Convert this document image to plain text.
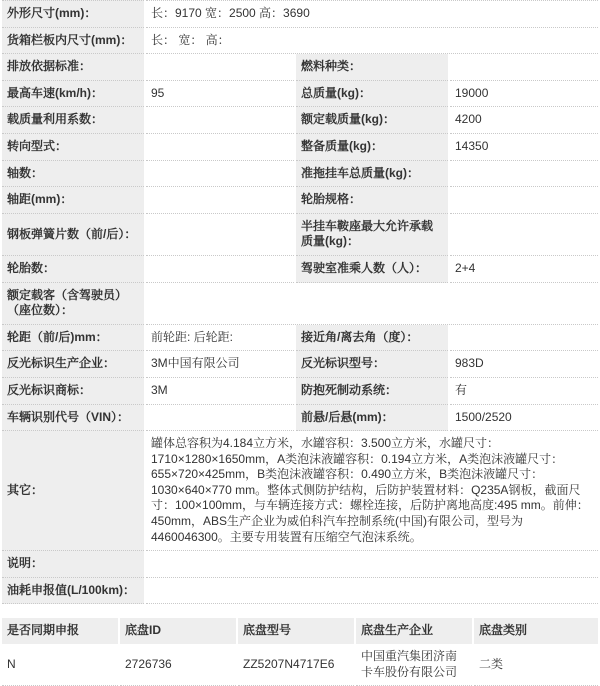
外形尺寸(mm)：	长：9170 宽：2500 高：3690		
货箱栏板内尺寸(mm)：	长： 宽： 高：		
排放依据标准：		燃料种类：	
最高车速(km/h)：	95	总质量(kg)：	19000
载质量利用系数：		额定载质量(kg)：	4200
转向型式：		整备质量(kg)：	14350
轴数：		准拖挂车总质量(kg)：	
轴距(mm)：		轮胎规格：	
钢板弹簧片数（前/后）：		半挂车鞍座最大允许承载质量(kg)：	
轮胎数：		驾驶室准乘人数（人）：	2+4
额定载客（含驾驶员）（座位数）：			
轮距（前/后)mm：	前轮距: 后轮距:	接近角/离去角（度）：	
反光标识生产企业：	3M中国有限公司	反光标识型号：	983D
反光标识商标：	3M	防抱死制动系统：	有
车辆识别代号（VIN）：		前悬/后悬(mm)：	1500/2520
其它：	罐体总容积为4.184立方米，水罐容积：3.500立方米，水罐尺寸：1710×1280×1650mm，A类泡沫液罐容积：0.194立方米，A类泡沫液罐尺寸：655×720×425mm，B类泡沫液罐容积：0.490立方米，B类泡沫液罐尺寸：1030×640×770 mm。整体式侧防护结构，后防护装置材料：Q235A钢板，截面尺寸：100×100mm，与车辆连接方式：螺栓连接，后防护离地高度:495 mm。前伸：450mm，ABS生产企业为威伯科汽车控制系统(中国)有限公司，型号为4460046300。主要专用装置有压缩空气泡沫系统。		
说明：			
油耗申报值(L/100km)：			
是否同期申报	底盘ID	底盘型号	底盘生产企业	底盘类别
N	2726736	ZZ5207N4717E6	中国重汽集团济南卡车股份有限公司	二类
